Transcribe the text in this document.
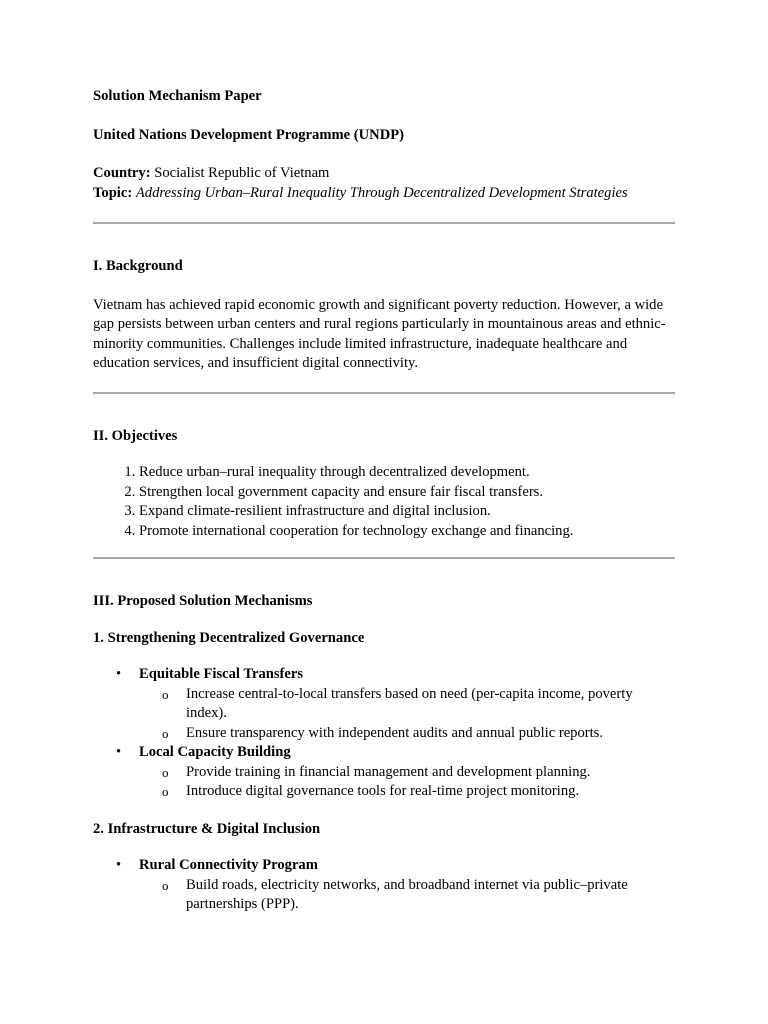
Solution Mechanism Paper

United Nations Development Programme (UNDP)

Country: Socialist Republic of Vietnam

Topic: Addressing Urban–Rural Inequality Through Decentralized Development Strategies

I. Background

Vietnam has achieved rapid economic growth and significant poverty reduction. However, a wide gap persists between urban centers and rural regions particularly in mountainous areas and ethnic-minority communities. Challenges include limited infrastructure, inadequate healthcare and education services, and insufficient digital connectivity.

II. Objectives

1. Reduce urban–rural inequality through decentralized development.
2. Strengthen local government capacity and ensure fair fiscal transfers.
3. Expand climate-resilient infrastructure and digital inclusion.
4. Promote international cooperation for technology exchange and financing.

III. Proposed Solution Mechanisms

1. Strengthening Decentralized Governance

• Equitable Fiscal Transfers
o Increase central-to-local transfers based on need (per-capita income, poverty index).
o Ensure transparency with independent audits and annual public reports.
• Local Capacity Building
o Provide training in financial management and development planning.
o Introduce digital governance tools for real-time project monitoring.

2. Infrastructure & Digital Inclusion

• Rural Connectivity Program
o Build roads, electricity networks, and broadband internet via public–private partnerships (PPP).
